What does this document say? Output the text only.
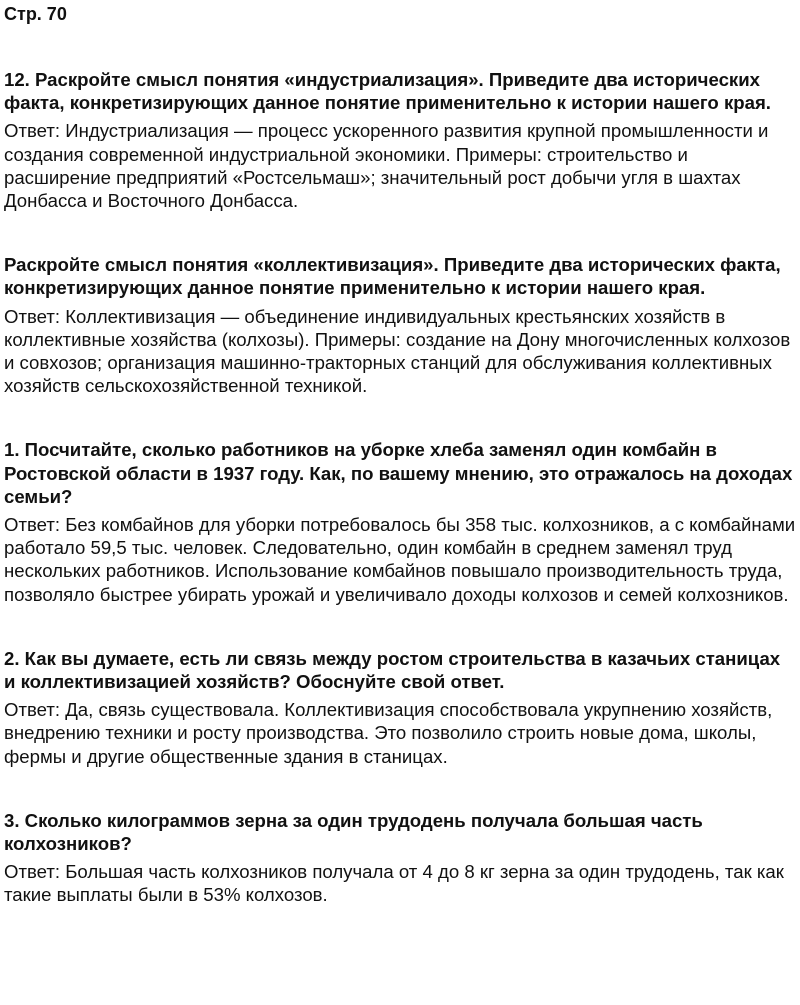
Стр. 70

12. Раскройте смысл понятия «индустриализация». Приведите два исторических факта, конкретизирующих данное понятие применительно к истории нашего края.

Ответ: Индустриализация — процесс ускоренного развития крупной промышленности и создания современной индустриальной экономики. Примеры: строительство и расширение предприятий «Ростсельмаш»; значительный рост добычи угля в шахтах Донбасса и Восточного Донбасса.

Раскройте смысл понятия «коллективизация». Приведите два исторических факта, конкретизирующих данное понятие применительно к истории нашего края.

Ответ: Коллективизация — объединение индивидуальных крестьянских хозяйств в коллективные хозяйства (колхозы). Примеры: создание на Дону многочисленных колхозов и совхозов; организация машинно-тракторных станций для обслуживания коллективных хозяйств сельскохозяйственной техникой.

1. Посчитайте, сколько работников на уборке хлеба заменял один комбайн в Ростовской области в 1937 году. Как, по вашему мнению, это отражалось на доходах семьи?

Ответ: Без комбайнов для уборки потребовалось бы 358 тыс. колхозников, а с комбайнами работало 59,5 тыс. человек. Следовательно, один комбайн в среднем заменял труд нескольких работников. Использование комбайнов повышало производительность труда, позволяло быстрее убирать урожай и увеличивало доходы колхозов и семей колхозников.

2. Как вы думаете, есть ли связь между ростом строительства в казачьих станицах и коллективизацией хозяйств? Обоснуйте свой ответ.

Ответ: Да, связь существовала. Коллективизация способствовала укрупнению хозяйств, внедрению техники и росту производства. Это позволило строить новые дома, школы, фермы и другие общественные здания в станицах.

3. Сколько килограммов зерна за один трудодень получала большая часть колхозников?

Ответ: Большая часть колхозников получала от 4 до 8 кг зерна за один трудодень, так как такие выплаты были в 53% колхозов.
